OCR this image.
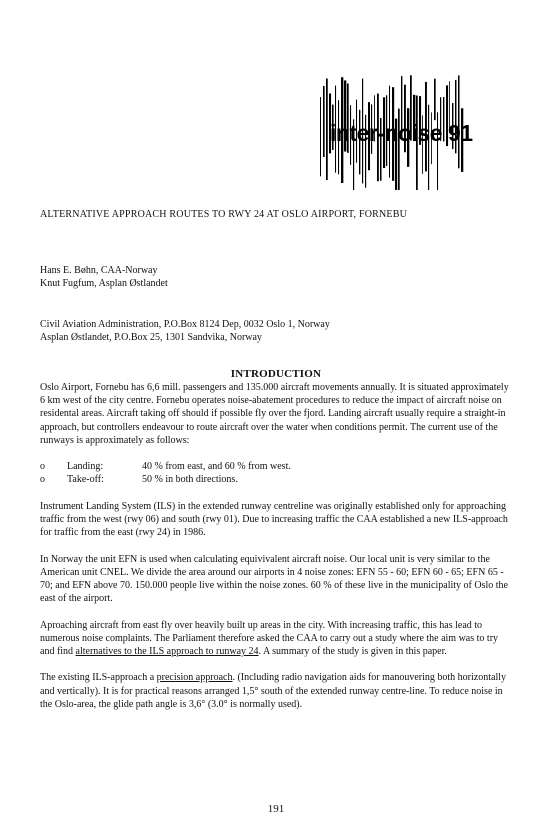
inter-noise 91
ALTERNATIVE APPROACH ROUTES TO RWY 24 AT OSLO AIRPORT, FORNEBU
Hans E. Bøhn, CAA-Norway
Knut Fugfum, Asplan Østlandet
Civil Aviation Administration, P.O.Box 8124 Dep, 0032 Oslo 1, Norway
Asplan Østlandet, P.O.Box 25, 1301 Sandvika, Norway
INTRODUCTION

Oslo Airport, Fornebu has 6,6 mill. passengers and 135.000 aircraft movements annually. It is situated approximately 6 km west of the city centre. Fornebu operates noise-abatement procedures to reduce the impact of aircraft noise on residental areas. Aircraft taking off should if possible fly over the fjord. Landing aircraft usually require a straight-in approach, but controllers endeavour to route aircraft over the water when conditions permit. The current use of the runways is approximately as follows:

o	Landing:	40 % from east, and 60 % from west.
o	Take-off:	50 % in both directions.

Instrument Landing System (ILS) in the extended runway centreline was originally established only for approaching traffic from the west (rwy 06) and south (rwy 01). Due to increasing traffic the CAA established a new ILS-approach for traffic from the east (rwy 24) in 1986.

In Norway the unit EFN is used when calculating equivivalent aircraft noise. Our local unit is very similar to the American unit CNEL. We divide the area around our airports in 4 noise zones: EFN 55 - 60; EFN 60 - 65; EFN 65 - 70; and EFN above 70. 150.000 people live within the noise zones. 60 % of these live in the municipality of Oslo the east of the airport.

Aproaching aircraft from east fly over heavily built up areas in the city. With increasing traffic, this has lead to numerous noise complaints. The Parliament therefore asked the CAA to carry out a study where the aim was to try and find alternatives to the ILS approach to runway 24. A summary of the study is given in this paper.

The existing ILS-approach a precision approach. (Including radio navigation aids for manouvering both horizontally and vertically). It is for practical reasons arranged 1,5° south of the extended runway centre-line. To reduce noise in the Oslo-area, the glide path angle is 3,6° (3.0° is normally used).

191
